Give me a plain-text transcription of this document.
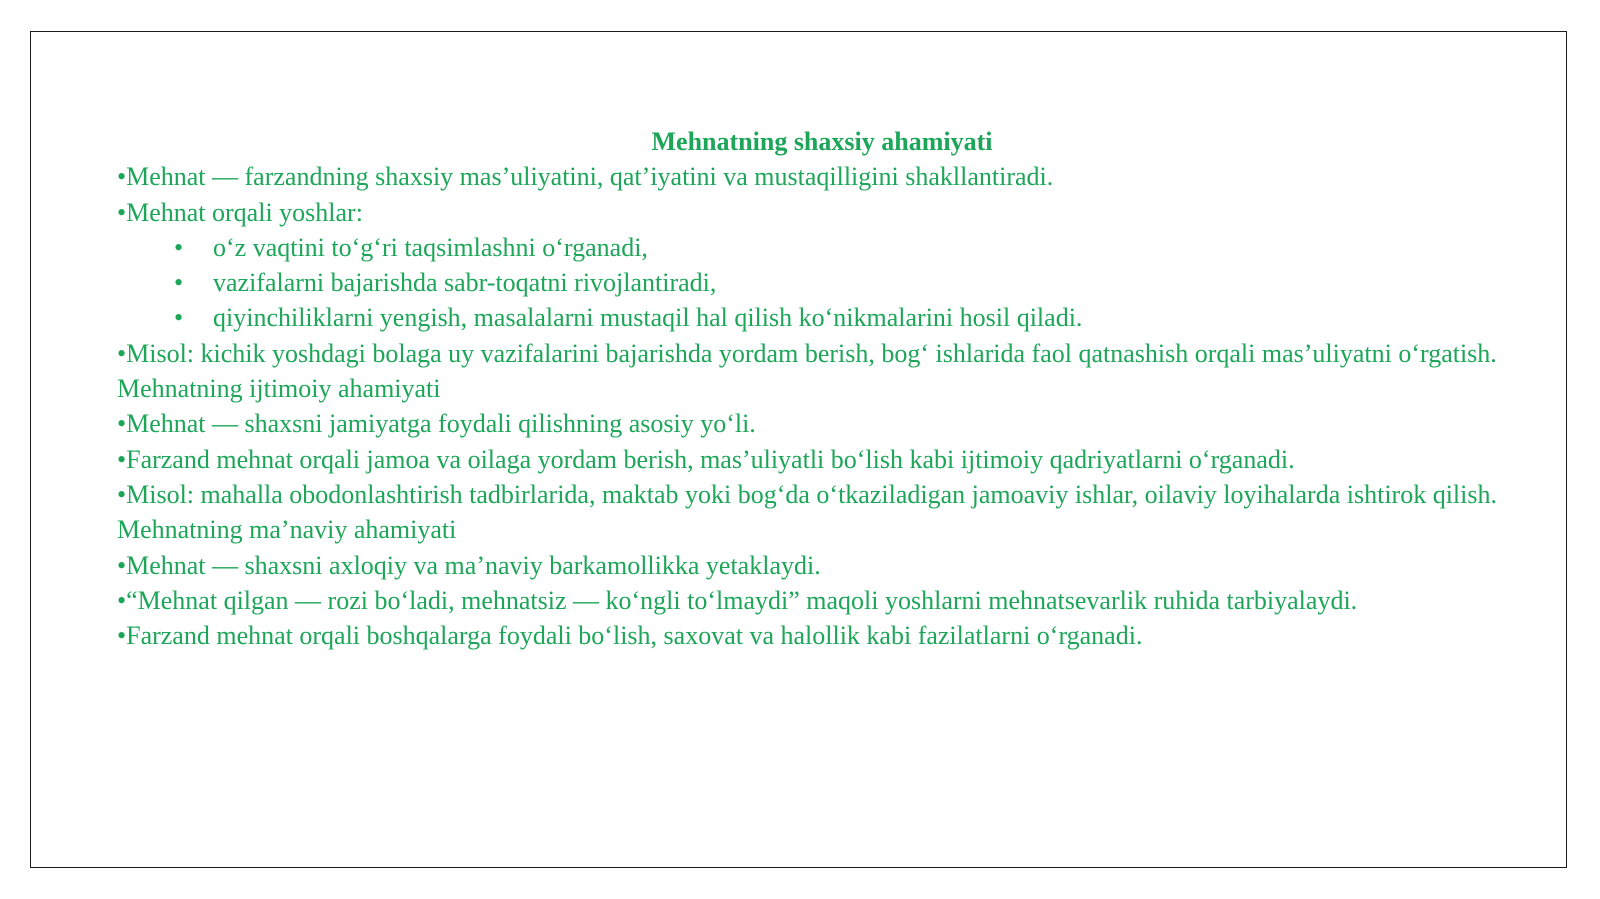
Mehnatning shaxsiy ahamiyati

•Mehnat — farzandning shaxsiy mas’uliyatini, qat’iyatini va mustaqilligini shakllantiradi.

•Mehnat orqali yoshlar:

• o‘z vaqtini to‘g‘ri taqsimlashni o‘rganadi,

• vazifalarni bajarishda sabr-toqatni rivojlantiradi,

• qiyinchiliklarni yengish, masalalarni mustaqil hal qilish ko‘nikmalarini hosil qiladi.

•Misol: kichik yoshdagi bolaga uy vazifalarini bajarishda yordam berish, bog‘ ishlarida faol qatnashish orqali mas’uliyatni o‘rgatish.

Mehnatning ijtimoiy ahamiyati

•Mehnat — shaxsni jamiyatga foydali qilishning asosiy yo‘li.

•Farzand mehnat orqali jamoa va oilaga yordam berish, mas’uliyatli bo‘lish kabi ijtimoiy qadriyatlarni o‘rganadi.

•Misol: mahalla obodonlashtirish tadbirlarida, maktab yoki bog‘da o‘tkaziladigan jamoaviy ishlar, oilaviy loyihalarda ishtirok qilish.

Mehnatning ma’naviy ahamiyati

•Mehnat — shaxsni axloqiy va ma’naviy barkamollikka yetaklaydi.

•“Mehnat qilgan — rozi bo‘ladi, mehnatsiz — ko‘ngli to‘lmaydi” maqoli yoshlarni mehnatsevarlik ruhida tarbiyalaydi.

•Farzand mehnat orqali boshqalarga foydali bo‘lish, saxovat va halollik kabi fazilatlarni o‘rganadi.
